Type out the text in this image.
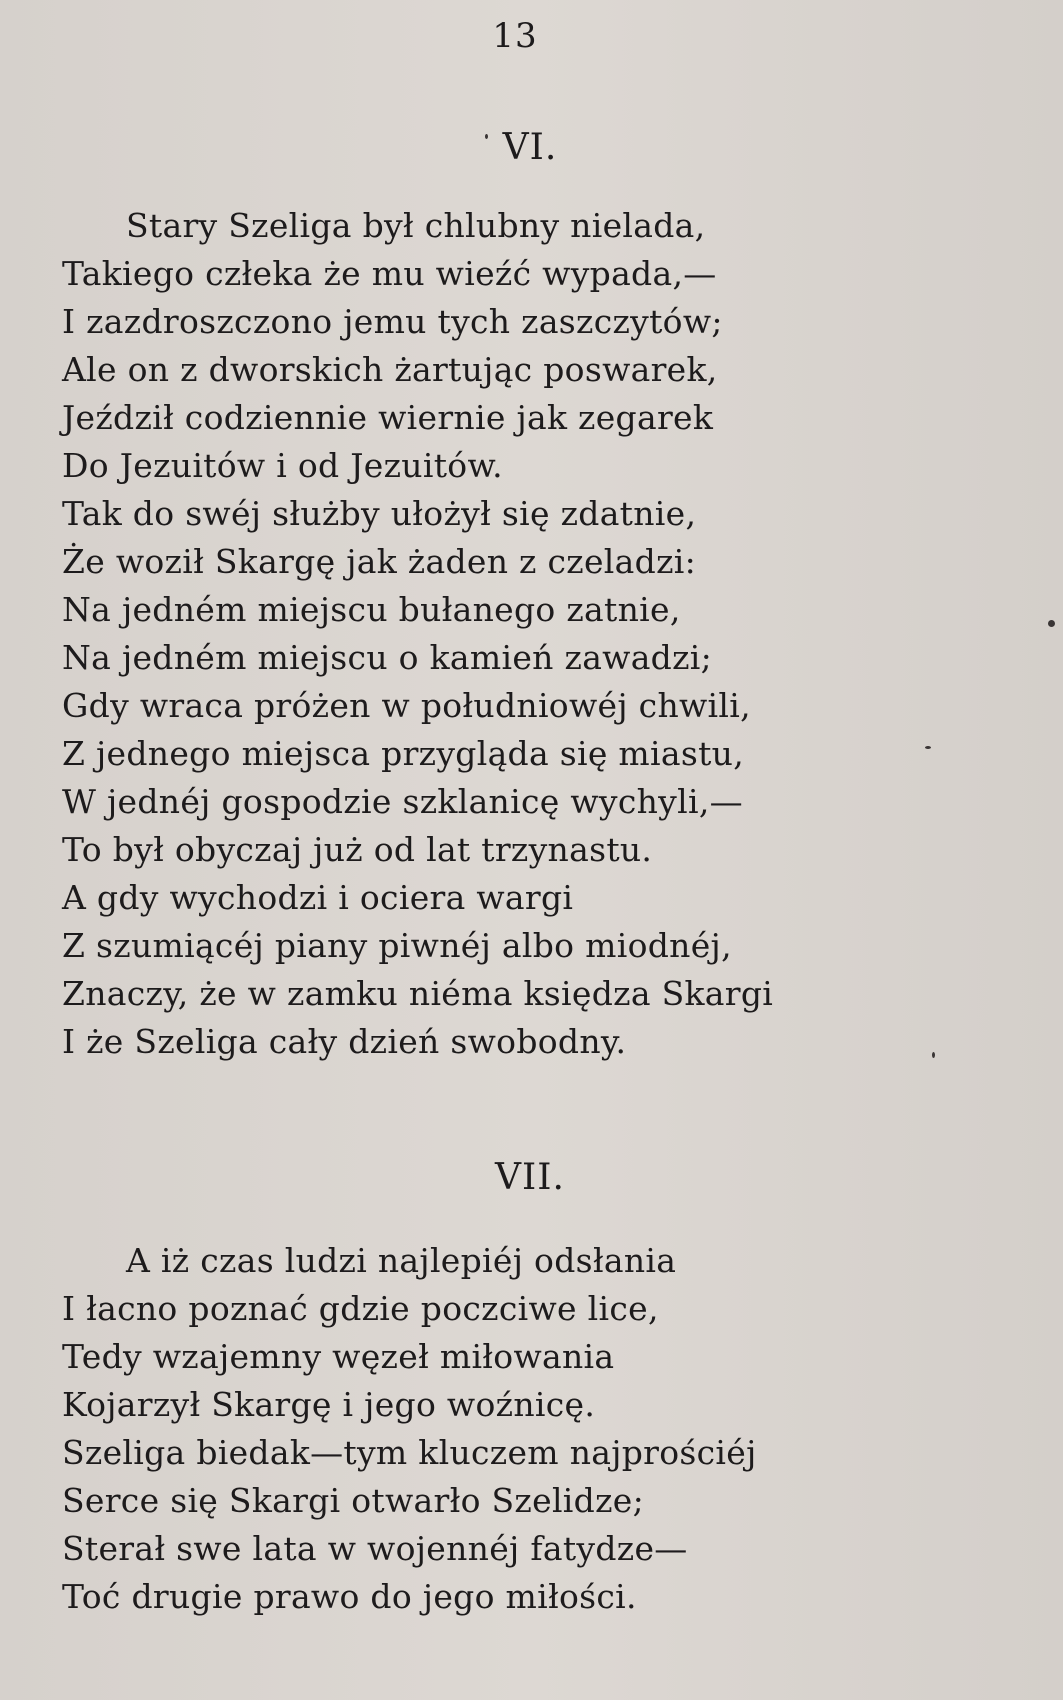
13
VI.
Stary Szeliga był chlubny nielada,
Takiego człeka że mu wieźć wypada,—
I zazdroszczono jemu tych zaszczytów;
Ale on z dworskich żartując poswarek,
Jeździł codziennie wiernie jak zegarek
Do Jezuitów i od Jezuitów.
Tak do swéj służby ułożył się zdatnie,
Że woził Skargę jak żaden z czeladzi:
Na jedném miejscu bułanego zatnie,
Na jedném miejscu o kamień zawadzi;
Gdy wraca próżen w południowéj chwili,
Z jednego miejsca przygląda się miastu,
W jednéj gospodzie szklanicę wychyli,—
To był obyczaj już od lat trzynastu.
A gdy wychodzi i ociera wargi
Z szumiącéj piany piwnéj albo miodnéj,
Znaczy, że w zamku niéma księdza Skargi
I że Szeliga cały dzień swobodny.
VII.
A iż czas ludzi najlepiéj odsłania
I łacno poznać gdzie poczciwe lice,
Tedy wzajemny węzeł miłowania
Kojarzył Skargę i jego woźnicę.
Szeliga biedak—tym kluczem najprościéj
Serce się Skargi otwarło Szelidze;
Sterał swe lata w wojennéj fatydze—
Toć drugie prawo do jego miłości.
